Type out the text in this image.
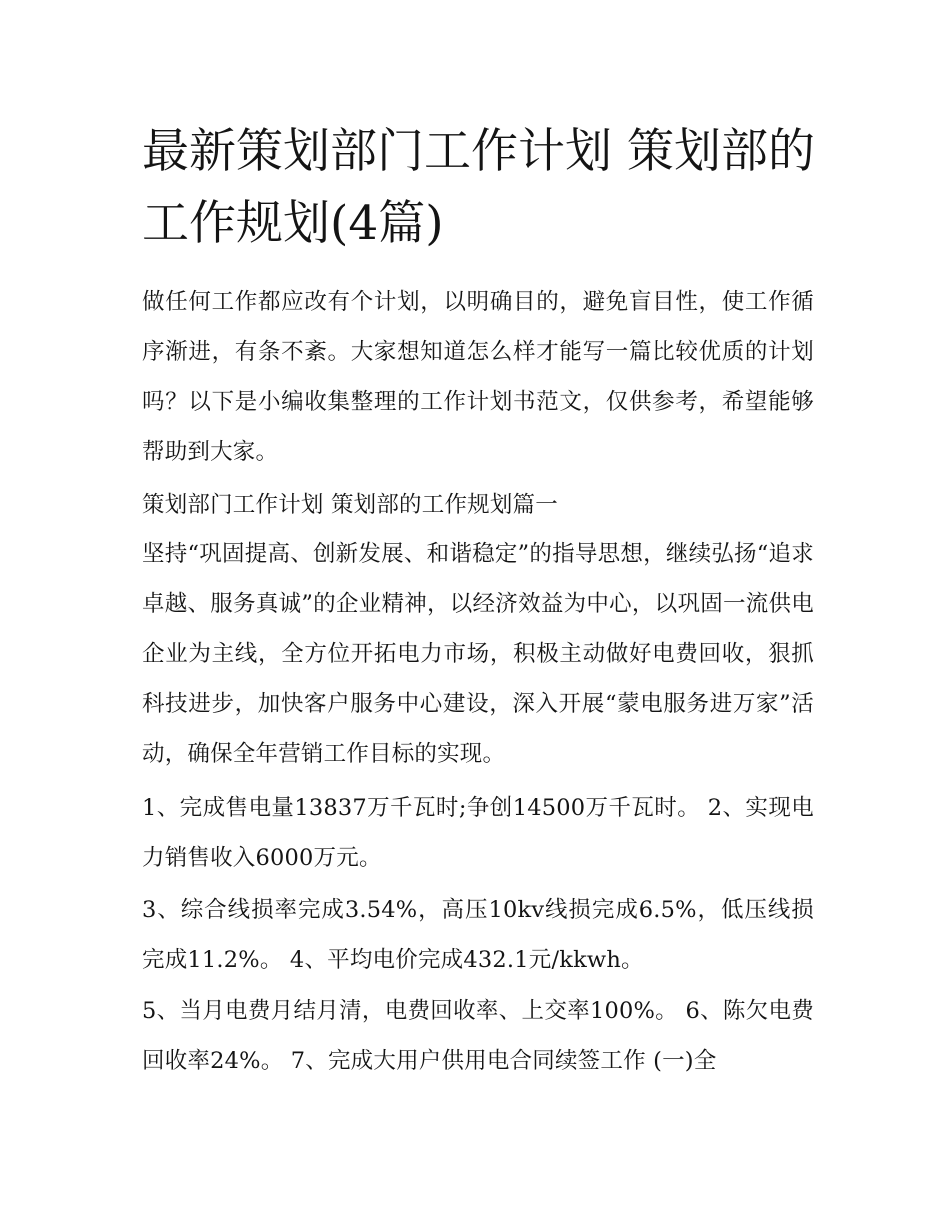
最新策划部门工作计划 策划部的工作规划(4篇)

做任何工作都应改有个计划，以明确目的，避免盲目性，使工作循序渐进，有条不紊。大家想知道怎么样才能写一篇比较优质的计划吗？以下是小编收集整理的工作计划书范文，仅供参考，希望能够帮助到大家。

策划部门工作计划 策划部的工作规划篇一

坚持“巩固提高、创新发展、和谐稳定”的指导思想，继续弘扬“追求卓越、服务真诚”的企业精神，以经济效益为中心，以巩固一流供电企业为主线，全方位开拓电力市场，积极主动做好电费回收，狠抓科技进步，加快客户服务中心建设，深入开展“蒙电服务进万家”活动，确保全年营销工作目标的实现。

1、完成售电量13837万千瓦时;争创14500万千瓦时。 2、实现电力销售收入6000万元。

3、综合线损率完成3.54%，高压10kv线损完成6.5%，低压线损完成11.2%。 4、平均电价完成432.1元/kkwh。

5、当月电费月结月清，电费回收率、上交率100%。 6、陈欠电费回收率24%。 7、完成大用户供用电合同续签工作 (一)全
